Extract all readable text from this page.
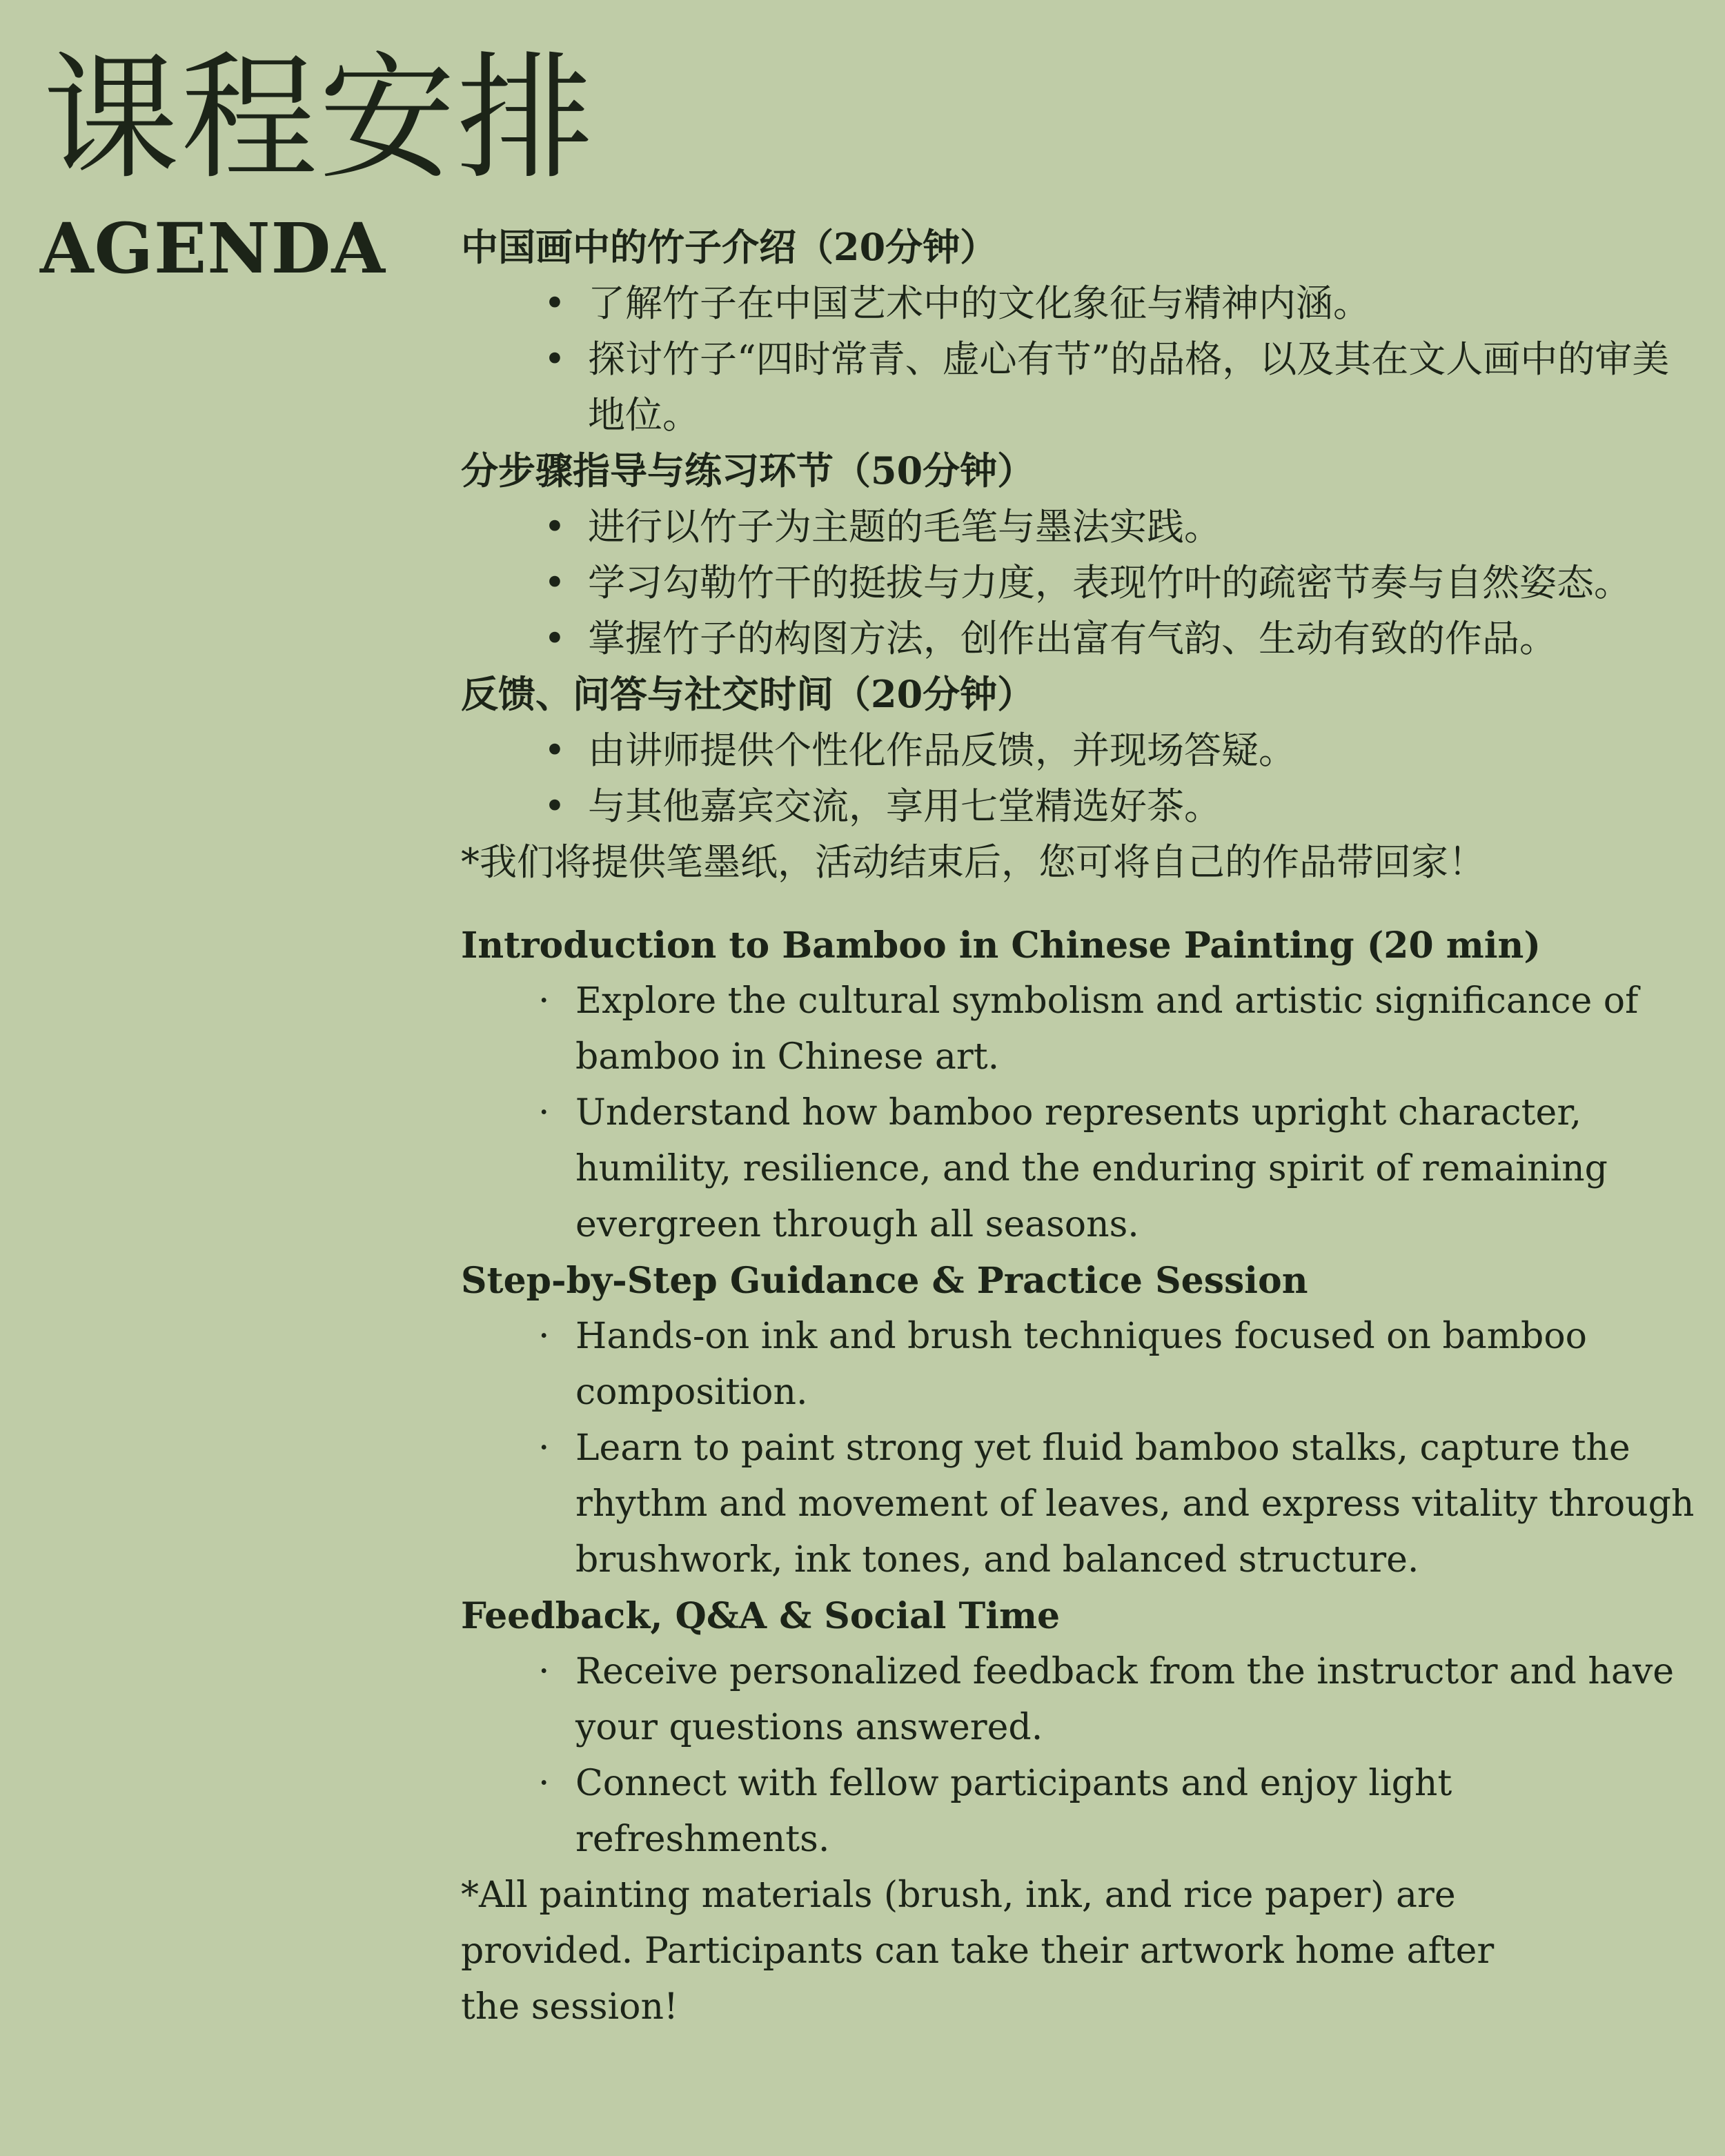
课程安排
AGENDA 中国画中的竹子介绍（20分钟）
• 了解竹子在中国艺术中的文化象征与精神内涵。
• 探讨竹子“四时常青、虚心有节”的品格，以及其在文人画中的审美地位。
分步骤指导与练习环节（50分钟）
• 进行以竹子为主题的毛笔与墨法实践。
• 学习勾勒竹干的挺拔与力度，表现竹叶的疏密节奏与自然姿态。
• 掌握竹子的构图方法，创作出富有气韵、生动有致的作品。
反馈、问答与社交时间（20分钟）
• 由讲师提供个性化作品反馈，并现场答疑。
• 与其他嘉宾交流，享用七堂精选好茶。
*我们将提供笔墨纸，活动结束后，您可将自己的作品带回家！
Introduction to Bamboo in Chinese Painting (20 min)
· Explore the cultural symbolism and artistic significance of bamboo in Chinese art.
· Understand how bamboo represents upright character, humility, resilience, and the enduring spirit of remaining evergreen through all seasons.
Step-by-Step Guidance & Practice Session
· Hands-on ink and brush techniques focused on bamboo composition.
· Learn to paint strong yet fluid bamboo stalks, capture the rhythm and movement of leaves, and express vitality through brushwork, ink tones, and balanced structure.
Feedback, Q&A & Social Time
· Receive personalized feedback from the instructor and have your questions answered.
· Connect with fellow participants and enjoy light refreshments.
*All painting materials (brush, ink, and rice paper) are provided. Participants can take their artwork home after the session!
